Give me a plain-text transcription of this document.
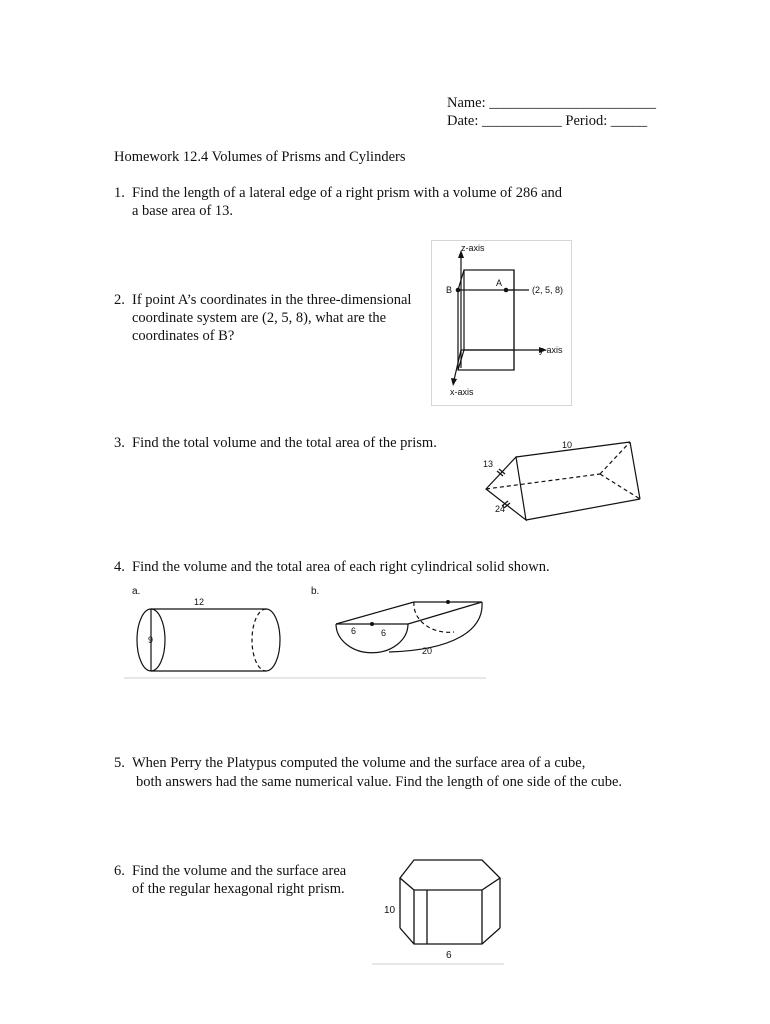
Name: _______________________
Date: ___________ Period: _____
Homework 12.4 Volumes of Prisms and Cylinders
1. Find the length of a lateral edge of a right prism with a volume of 286 and
a base area of 13.
2. If point A’s coordinates in the three-dimensional
coordinate system are (2, 5, 8), what are the
coordinates of B?
z-axis
y-axis
x-axis
A
B	(2, 5, 8)
3. Find the total volume and the total area of the prism.	10
13
24
4. Find the volume and the total area of each right cylindrical solid shown.
a.
12
9
b.
6	6
20
5. When Perry the Platypus computed the volume and the surface area of a cube,
both answers had the same numerical value. Find the length of one side of the cube.
6. Find the volume and the surface area
of the regular hexagonal right prism.
10
6
